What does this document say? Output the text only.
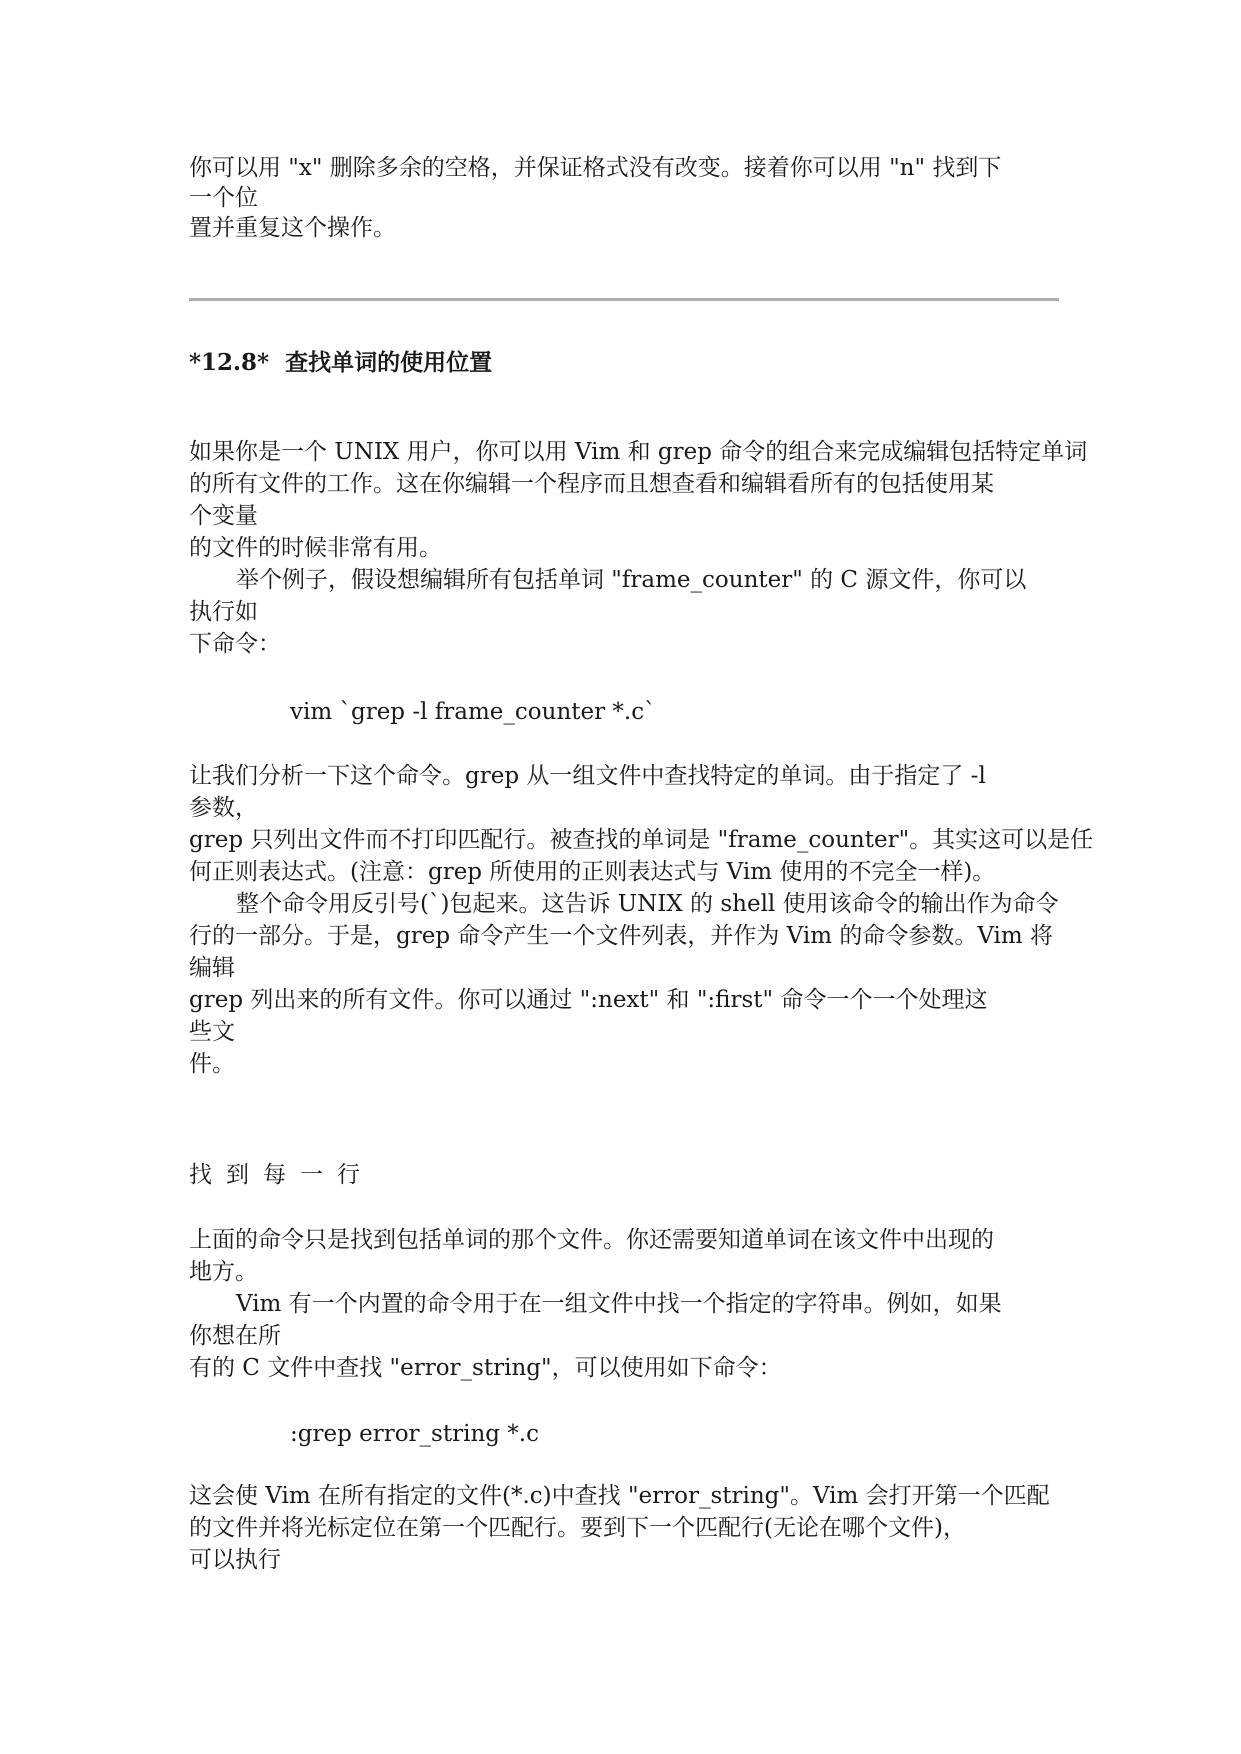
你可以用 "x" 删除多余的空格，并保证格式没有改变。接着你可以用 "n" 找到下
一个位
置并重复这个操作。
*12.8*  查找单词的使用位置
如果你是一个 UNIX 用户，你可以用 Vim 和 grep 命令的组合来完成编辑包括特定单词
的所有文件的工作。这在你编辑一个程序而且想查看和编辑看所有的包括使用某
个变量
的文件的时候非常有用。
举个例子，假设想编辑所有包括单词 "frame_counter" 的 C 源文件，你可以
执行如
下命令：
vim `grep -l frame_counter *.c`
让我们分析一下这个命令。grep 从一组文件中查找特定的单词。由于指定了 -l
参数，
grep 只列出文件而不打印匹配行。被查找的单词是 "frame_counter"。其实这可以是任
何正则表达式。(注意：grep 所使用的正则表达式与 Vim 使用的不完全一样)。
整个命令用反引号(`)包起来。这告诉 UNIX 的 shell 使用该命令的输出作为命令
行的一部分。于是，grep 命令产生一个文件列表，并作为 Vim 的命令参数。Vim 将
编辑
grep 列出来的所有文件。你可以通过 ":next" 和 ":first" 命令一个一个处理这
些文
件。
找到每一行
上面的命令只是找到包括单词的那个文件。你还需要知道单词在该文件中出现的
地方。
Vim 有一个内置的命令用于在一组文件中找一个指定的字符串。例如，如果
你想在所
有的 C 文件中查找 "error_string"，可以使用如下命令：
:grep error_string *.c
这会使 Vim 在所有指定的文件(*.c)中查找 "error_string"。Vim 会打开第一个匹配
的文件并将光标定位在第一个匹配行。要到下一个匹配行(无论在哪个文件)，
可以执行
